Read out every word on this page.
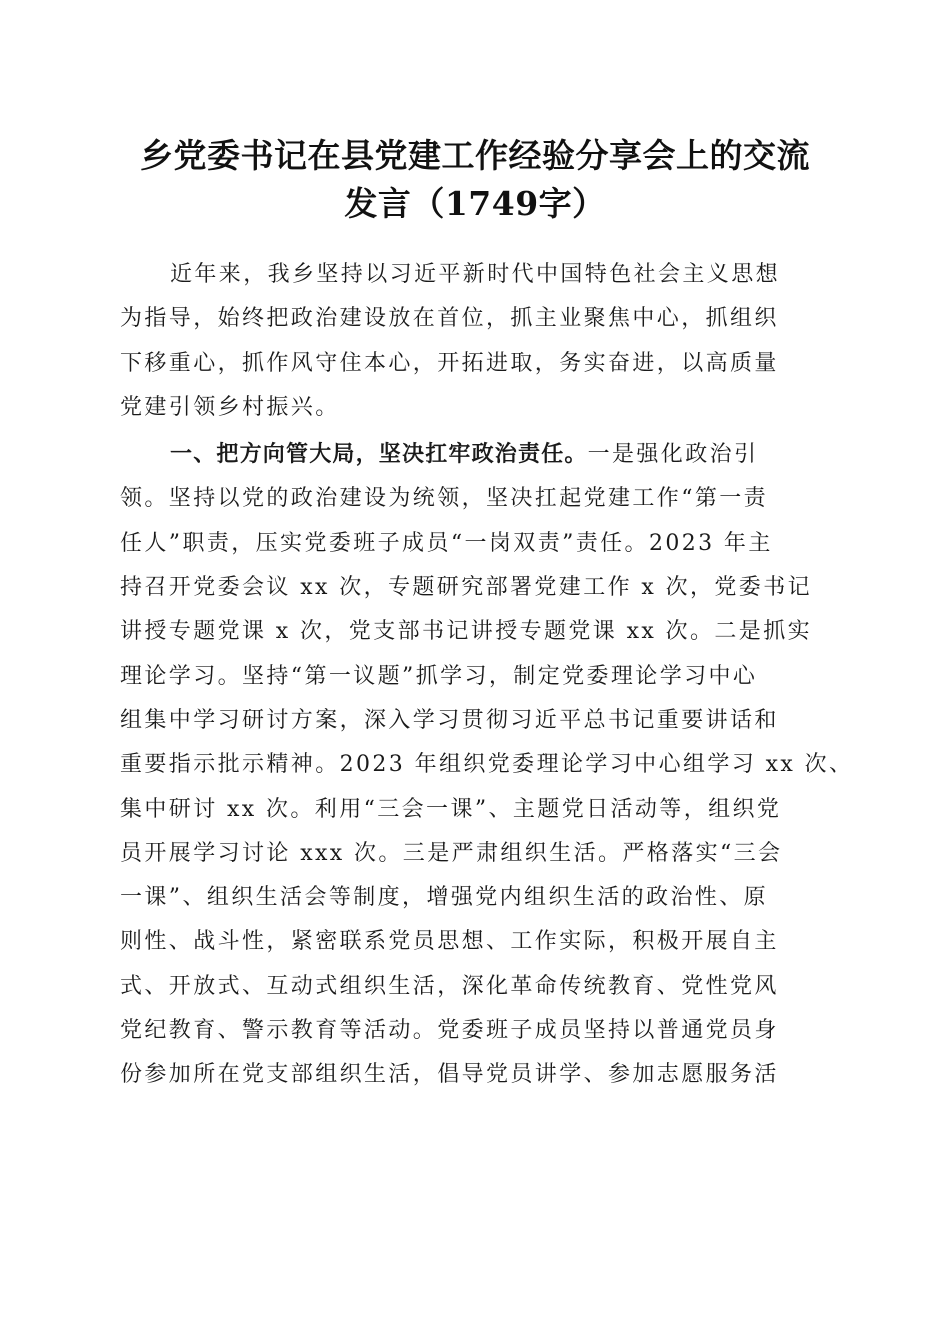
乡党委书记在县党建工作经验分享会上的交流
发言（1749字）
近年来，我乡坚持以习近平新时代中国特色社会主义思想
为指导，始终把政治建设放在首位，抓主业聚焦中心，抓组织
下移重心，抓作风守住本心，开拓进取，务实奋进，以高质量
党建引领乡村振兴。
一、把方向管大局，坚决扛牢政治责任。一是强化政治引
领。坚持以党的政治建设为统领，坚决扛起党建工作“第一责
任人”职责，压实党委班子成员“一岗双责”责任。2023 年主
持召开党委会议 xx 次，专题研究部署党建工作 x 次，党委书记
讲授专题党课 x 次，党支部书记讲授专题党课 xx 次。二是抓实
理论学习。坚持“第一议题”抓学习，制定党委理论学习中心
组集中学习研讨方案，深入学习贯彻习近平总书记重要讲话和
重要指示批示精神。2023 年组织党委理论学习中心组学习 xx 次、
集中研讨 xx 次。利用“三会一课”、主题党日活动等，组织党
员开展学习讨论 xxx 次。三是严肃组织生活。严格落实“三会
一课”、组织生活会等制度，增强党内组织生活的政治性、原
则性、战斗性，紧密联系党员思想、工作实际，积极开展自主
式、开放式、互动式组织生活，深化革命传统教育、党性党风
党纪教育、警示教育等活动。党委班子成员坚持以普通党员身
份参加所在党支部组织生活，倡导党员讲学、参加志愿服务活
